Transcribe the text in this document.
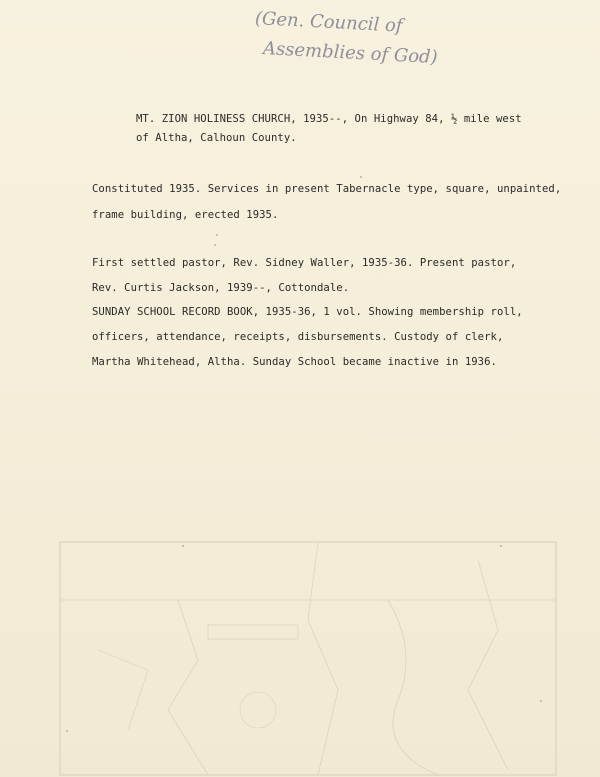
(Gen. Council of
Assemblies of God)
MT. ZION HOLINESS CHURCH, 1935--, On Highway 84, ½ mile west
of Altha, Calhoun County.
Constituted 1935. Services in present Tabernacle type, square, unpainted,
frame building, erected 1935.
First settled pastor, Rev. Sidney Waller, 1935-36. Present pastor,
Rev. Curtis Jackson, 1939--, Cottondale.
SUNDAY SCHOOL RECORD BOOK, 1935-36, 1 vol. Showing membership roll,
officers, attendance, receipts, disbursements. Custody of clerk,
Martha Whitehead, Altha. Sunday School became inactive in 1936.
